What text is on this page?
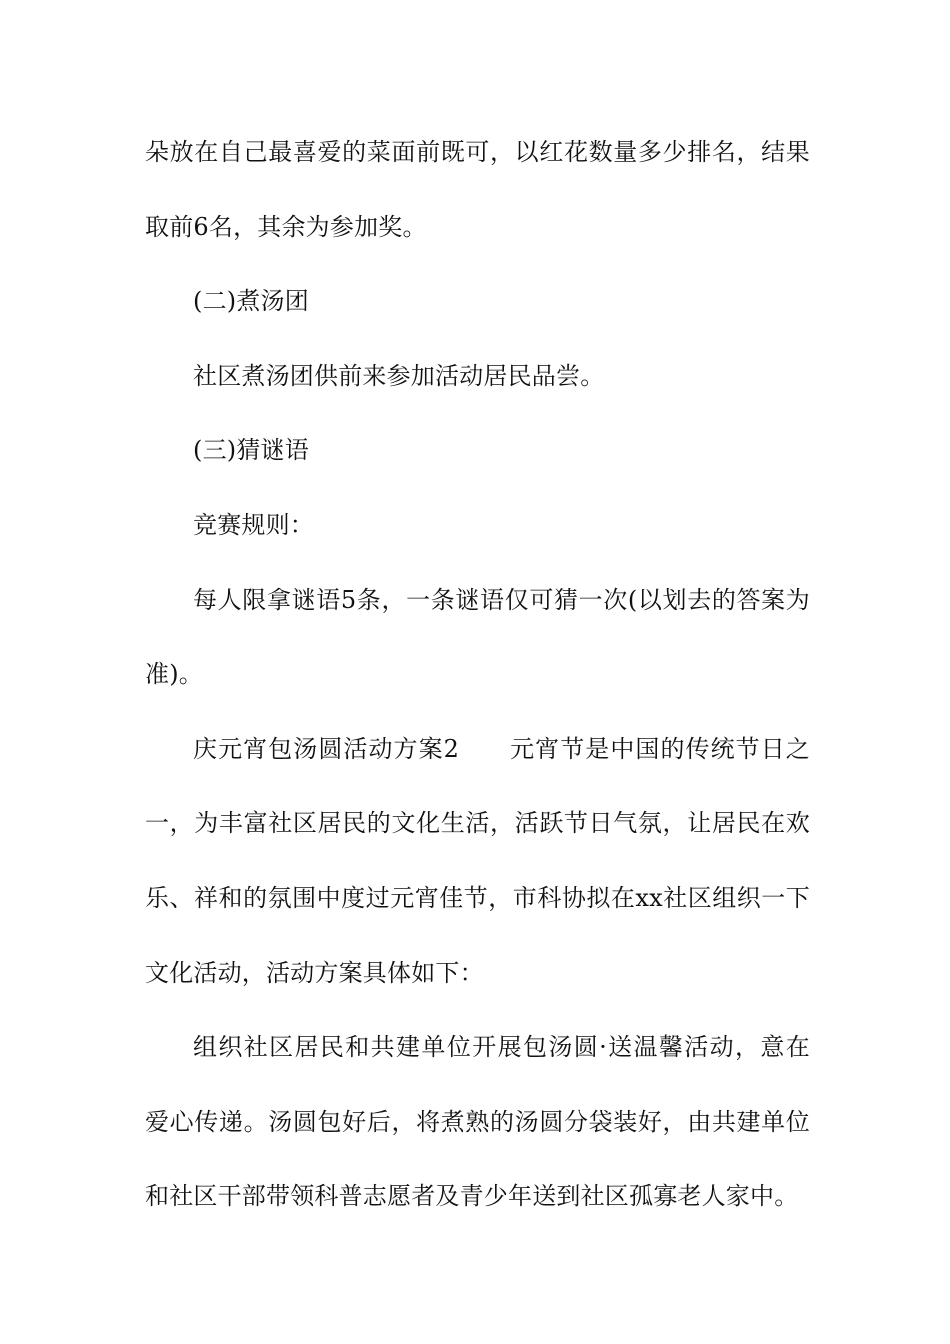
朵放在自己最喜爱的菜面前既可，以红花数量多少排名，结果
取前6名，其余为参加奖。
(二)煮汤团
社区煮汤团供前来参加活动居民品尝。
(三)猜谜语
竞赛规则：
每人限拿谜语5条，一条谜语仅可猜一次(以划去的答案为
准)。
庆元宵包汤圆活动方案2　　元宵节是中国的传统节日之
一，为丰富社区居民的文化生活，活跃节日气氛，让居民在欢
乐、祥和的氛围中度过元宵佳节，市科协拟在xx社区组织一下
文化活动，活动方案具体如下：
组织社区居民和共建单位开展包汤圆·送温馨活动，意在
爱心传递。汤圆包好后，将煮熟的汤圆分袋装好，由共建单位
和社区干部带领科普志愿者及青少年送到社区孤寡老人家中。
